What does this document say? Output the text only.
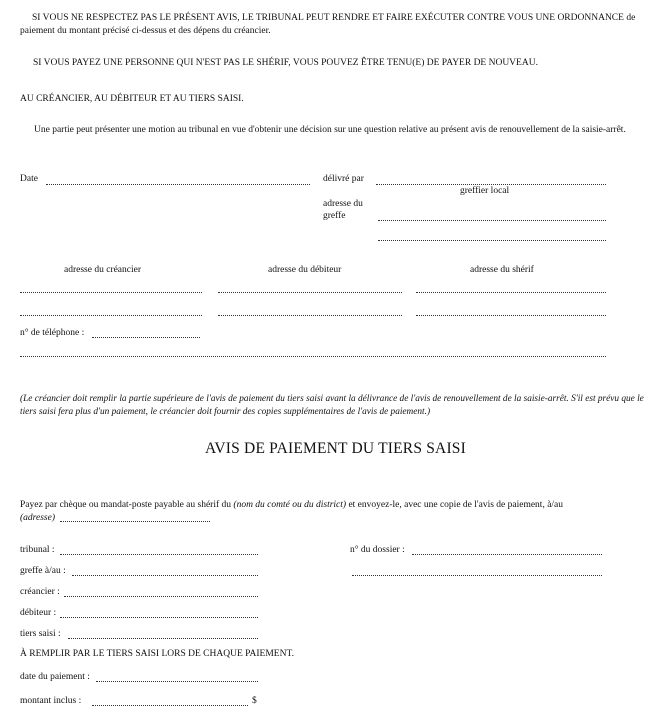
SI VOUS NE RESPECTEZ PAS LE PRÉSENT AVIS, LE TRIBUNAL PEUT RENDRE ET FAIRE EXÉCUTER CONTRE VOUS UNE ORDONNANCE de paiement du montant précisé ci-dessus et des dépens du créancier.
SI VOUS PAYEZ UNE PERSONNE QUI N'EST PAS LE SHÉRIF, VOUS POUVEZ ÊTRE TENU(E) DE PAYER DE NOUVEAU.
AU CRÉANCIER, AU DÉBITEUR ET AU TIERS SAISI.
Une partie peut présenter une motion au tribunal en vue d'obtenir une décision sur une question relative au présent avis de renouvellement de la saisie-arrêt.
Date	délivré par
greffier local
adresse du
greffe
adresse du créancier	adresse du débiteur	adresse du shérif
n° de téléphone :
(Le créancier doit remplir la partie supérieure de l'avis de paiement du tiers saisi avant la délivrance de l'avis de renouvellement de la saisie-arrêt. S'il est prévu que le tiers saisi fera plus d'un paiement, le créancier doit fournir des copies supplémentaires de l'avis de paiement.)
AVIS DE PAIEMENT DU TIERS SAISI
Payez par chèque ou mandat-poste payable au shérif du (nom du comté ou du district) et envoyez-le, avec une copie de l'avis de paiement, à/au
(adresse)
tribunal :	n° du dossier :
greffe à/au :
créancier :
débiteur :
tiers saisi :
À REMPLIR PAR LE TIERS SAISI LORS DE CHAQUE PAIEMENT.
date du paiement :
montant inclus :	$
